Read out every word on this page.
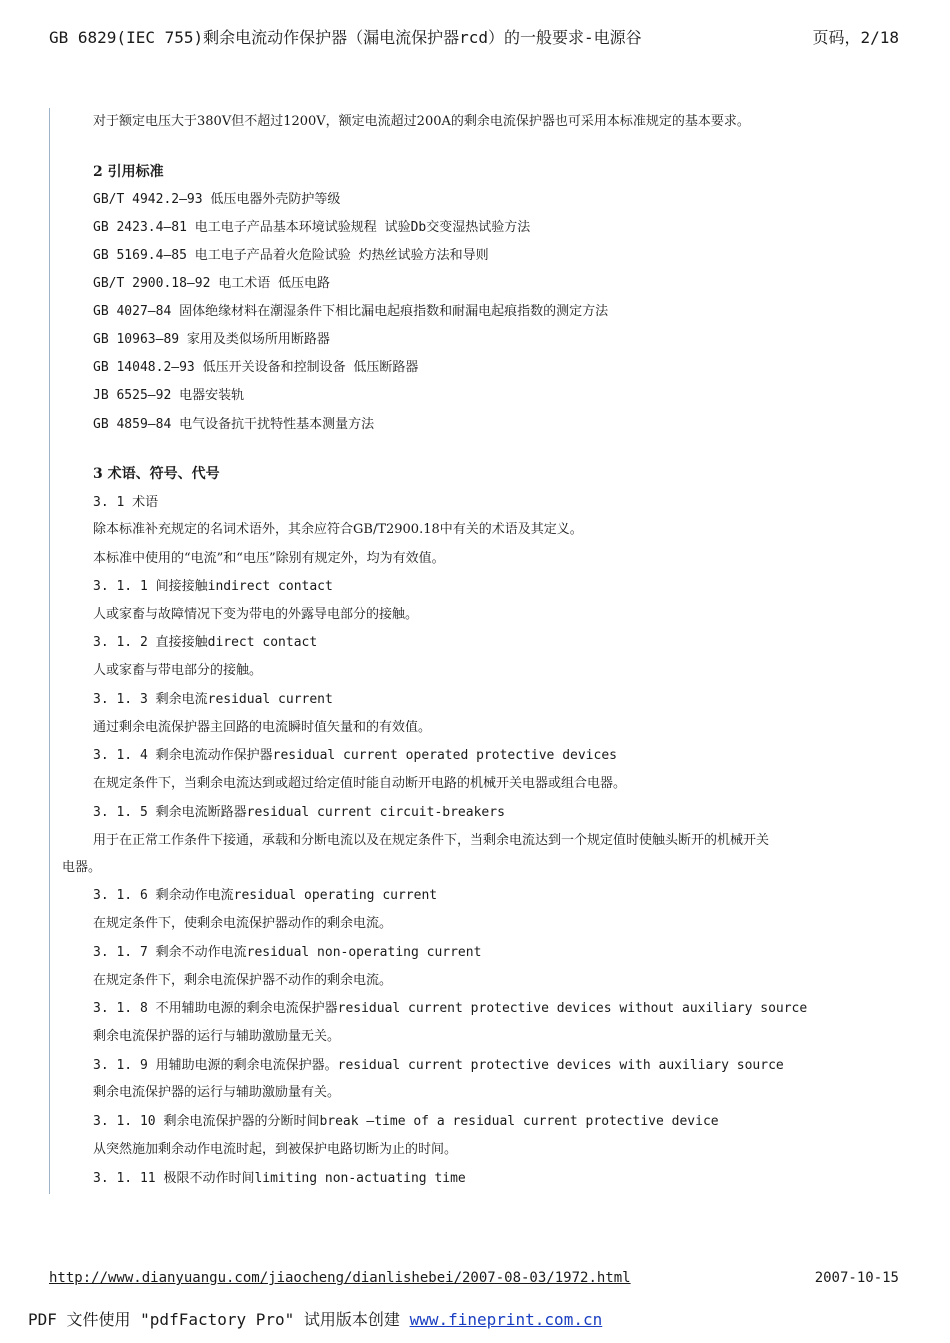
GB 6829(IEC 755)剩余电流动作保护器（漏电流保护器rcd）的一般要求-电源谷	页码，2/18
对于额定电压大于380V但不超过1200V，额定电流超过200A的剩余电流保护器也可采用本标准规定的基本要求。
2 引用标准
GB/T 4942.2—93 低压电器外壳防护等级
GB 2423.4—81 电工电子产品基本环境试验规程 试验Db交变湿热试验方法
GB 5169.4—85 电工电子产品着火危险试验 灼热丝试验方法和导则
GB/T 2900.18—92 电工术语 低压电路
GB 4027—84 固体绝缘材料在潮湿条件下相比漏电起痕指数和耐漏电起痕指数的测定方法
GB 10963—89 家用及类似场所用断路器
GB 14048.2—93 低压开关设备和控制设备 低压断路器
JB 6525—92 电器安装轨
GB 4859—84 电气设备抗干扰特性基本测量方法
3 术语、符号、代号
3. 1 术语
除本标准补充规定的名词术语外，其余应符合GB/T2900.18中有关的术语及其定义。
本标准中使用的“电流”和“电压”除别有规定外，均为有效值。
3. 1. 1 间接接触indirect contact
人或家畜与故障情况下变为带电的外露导电部分的接触。
3. 1. 2 直接接触direct contact
人或家畜与带电部分的接触。
3. 1. 3 剩余电流residual current
通过剩余电流保护器主回路的电流瞬时值矢量和的有效值。
3. 1. 4 剩余电流动作保护器residual current operated protective devices
在规定条件下，当剩余电流达到或超过给定值时能自动断开电路的机械开关电器或组合电器。
3. 1. 5 剩余电流断路器residual current circuit-breakers
用于在正常工作条件下接通，承载和分断电流以及在规定条件下，当剩余电流达到一个规定值时使触头断开的机械开关
电器。
3. 1. 6 剩余动作电流residual operating current
在规定条件下，使剩余电流保护器动作的剩余电流。
3. 1. 7 剩余不动作电流residual non-operating current
在规定条件下，剩余电流保护器不动作的剩余电流。
3. 1. 8 不用辅助电源的剩余电流保护器residual current protective devices without auxiliary source
剩余电流保护器的运行与辅助激励量无关。
3. 1. 9 用辅助电源的剩余电流保护器。residual current protective devices with auxiliary source
剩余电流保护器的运行与辅助激励量有关。
3. 1. 10 剩余电流保护器的分断时间break –time of a residual current protective device
从突然施加剩余动作电流时起，到被保护电路切断为止的时间。
3. 1. 11 极限不动作时间limiting non-actuating time
http://www.dianyuangu.com/jiaocheng/dianlishebei/2007-08-03/1972.html	2007-10-15
PDF 文件使用 "pdfFactory Pro" 试用版本创建 www.fineprint.com.cn
